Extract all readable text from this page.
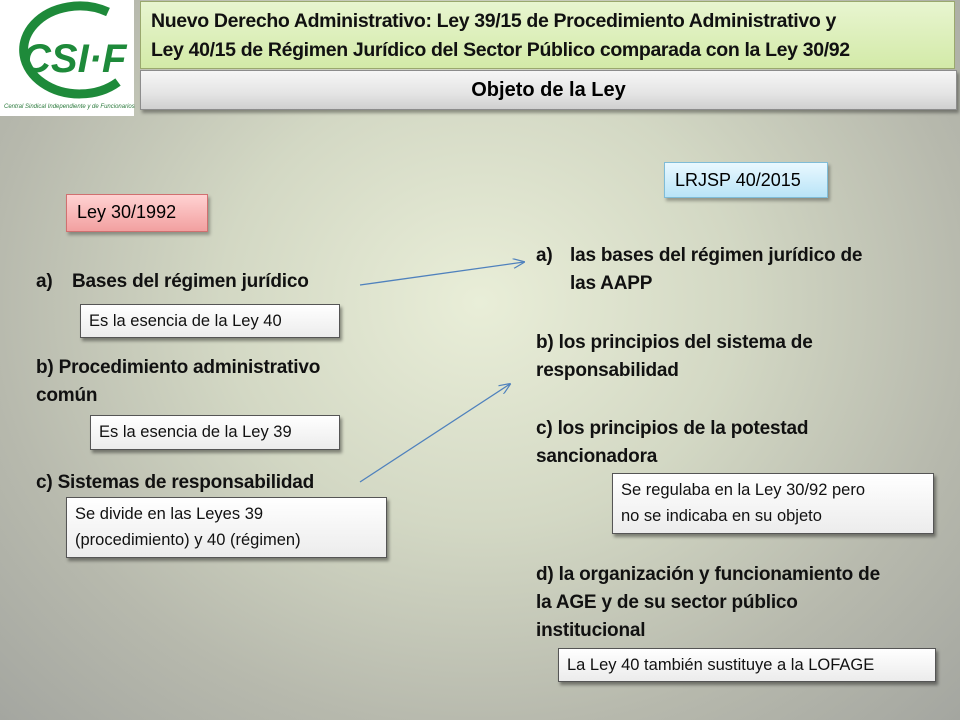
CSI·F
Central Sindical Independiente y de Funcionarios
Nuevo Derecho Administrativo: Ley 39/15 de Procedimiento Administrativo y
Ley 40/15 de Régimen Jurídico del Sector Público comparada con la Ley 30/92
Objeto de la Ley
Ley 30/1992
LRJSP 40/2015
a) Bases del régimen jurídico
Es la esencia de la Ley 40
b) Procedimiento administrativo
común
Es la esencia de la Ley 39
c) Sistemas de responsabilidad
Se divide en las Leyes 39
(procedimiento) y 40 (régimen)
a) las bases del régimen jurídico de
las AAPP
b) los principios del sistema de
responsabilidad
c) los principios de la potestad
sancionadora
Se regulaba en la Ley 30/92 pero
no se indicaba en su objeto
d) la organización y funcionamiento de
la AGE y de su sector público
institucional
La Ley 40 también sustituye a la LOFAGE
